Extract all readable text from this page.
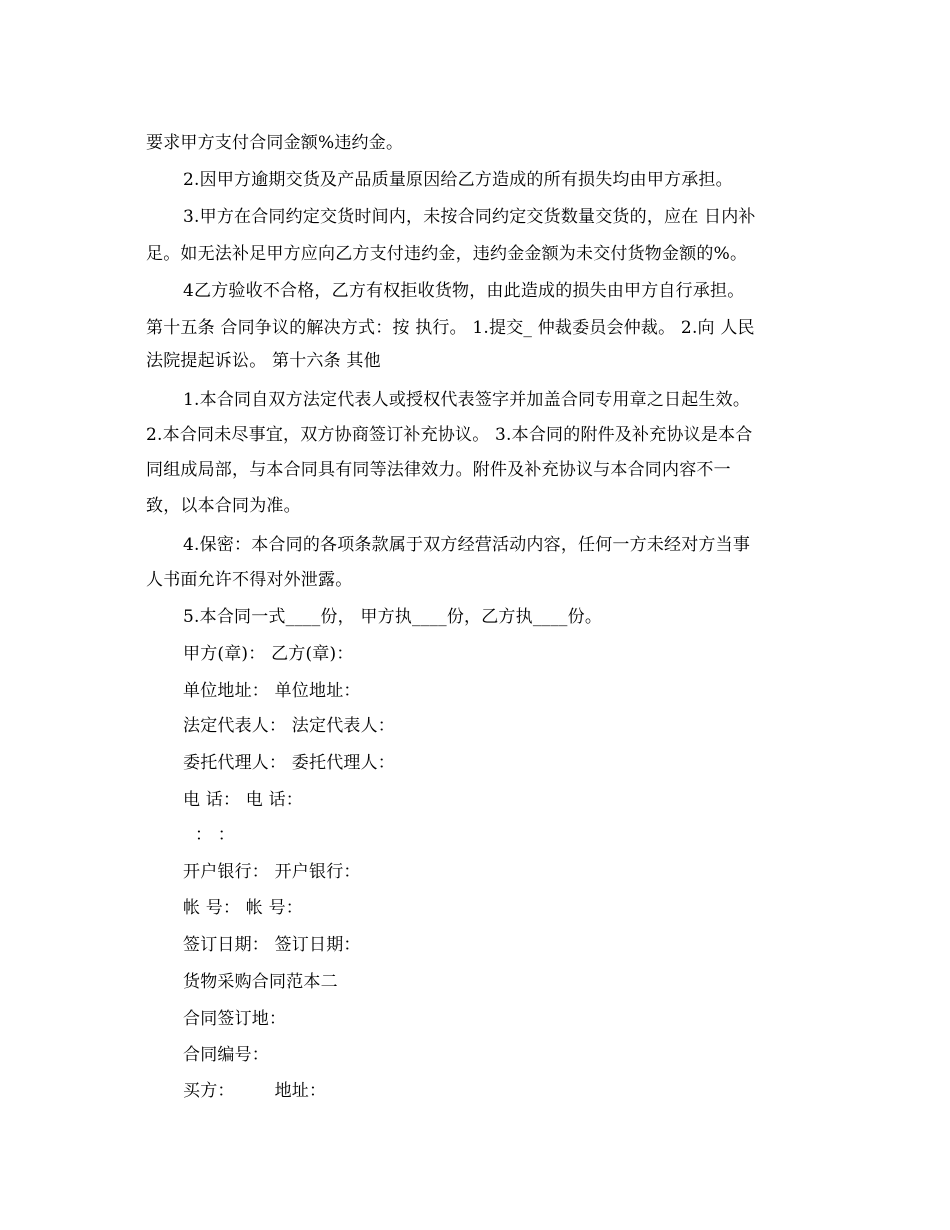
要求甲方支付合同金额%违约金。
2.因甲方逾期交货及产品质量原因给乙方造成的所有损失均由甲方承担。
3.甲方在合同约定交货时间内，未按合同约定交货数量交货的，应在 日内补
足。如无法补足甲方应向乙方支付违约金，违约金金额为未交付货物金额的%。
4乙方验收不合格，乙方有权拒收货物，由此造成的损失由甲方自行承担。
第十五条 合同争议的解决方式：按 执行。 1.提交_ 仲裁委员会仲裁。 2.向 人民
法院提起诉讼。 第十六条 其他
1.本合同自双方法定代表人或授权代表签字并加盖合同专用章之日起生效。
2.本合同未尽事宜，双方协商签订补充协议。 3.本合同的附件及补充协议是本合
同组成局部，与本合同具有同等法律效力。附件及补充协议与本合同内容不一
致，以本合同为准。
4.保密：本合同的各项条款属于双方经营活动内容，任何一方未经对方当事
人书面允许不得对外泄露。
5.本合同一式____份， 甲方执____份，乙方执____份。
甲方(章)： 乙方(章)：
单位地址： 单位地址：
法定代表人： 法定代表人：
委托代理人： 委托代理人：
电 话： 电 话：
： ：
开户银行： 开户银行：
帐 号： 帐 号：
签订日期： 签订日期：
货物采购合同范本二
合同签订地：
合同编号：
买方： 地址：
